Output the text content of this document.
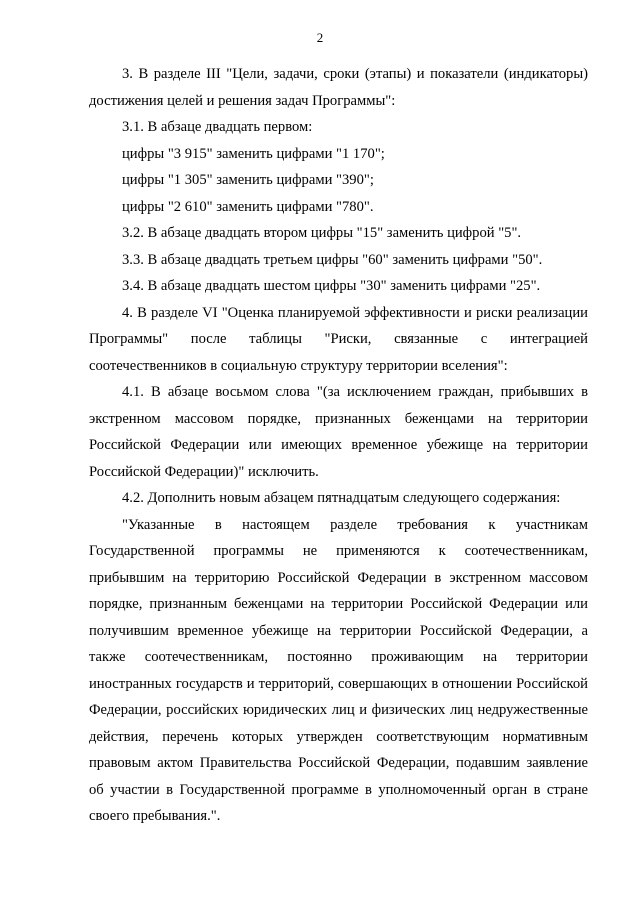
2

3. В разделе III "Цели, задачи, сроки (этапы) и показатели (индикаторы) достижения целей и решения задач Программы":

3.1. В абзаце двадцать первом:

цифры "3 915" заменить цифрами "1 170";

цифры "1 305" заменить цифрами "390";

цифры "2 610" заменить цифрами "780".

3.2. В абзаце двадцать втором цифры "15" заменить цифрой "5".

3.3. В абзаце двадцать третьем цифры "60" заменить цифрами "50".

3.4. В абзаце двадцать шестом цифры "30" заменить цифрами "25".

4. В разделе VI "Оценка планируемой эффективности и риски реализации Программы" после таблицы "Риски, связанные с интеграцией соотечественников в социальную структуру территории вселения":

4.1. В абзаце восьмом слова "(за исключением граждан, прибывших в экстренном массовом порядке, признанных беженцами на территории Российской Федерации или имеющих временное убежище на территории Российской Федерации)" исключить.

4.2. Дополнить новым абзацем пятнадцатым следующего содержания:

"Указанные в настоящем разделе требования к участникам Государственной программы не применяются к соотечественникам, прибывшим на территорию Российской Федерации в экстренном массовом порядке, признанным беженцами на территории Российской Федерации или получившим временное убежище на территории Российской Федерации, а также соотечественникам, постоянно проживающим на территории иностранных государств и территорий, совершающих в отношении Российской Федерации, российских юридических лиц и физических лиц недружественные действия, перечень которых утвержден соответствующим нормативным правовым актом Правительства Российской Федерации, подавшим заявление об участии в Государственной программе в уполномоченный орган в стране своего пребывания.".
